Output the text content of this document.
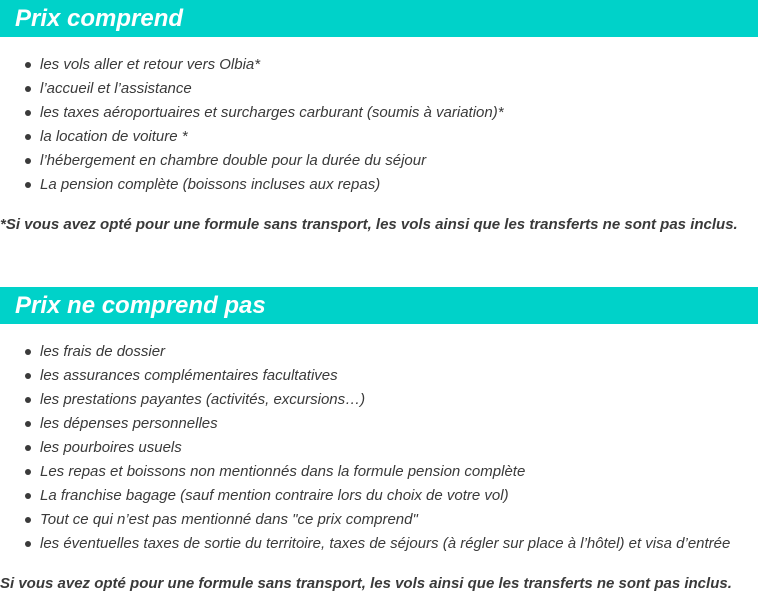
Prix comprend
les vols aller et retour vers Olbia*
l’accueil et l’assistance
les taxes aéroportuaires et surcharges carburant (soumis à variation)*
la location de voiture *
l’hébergement en chambre double pour la durée du séjour
La pension complète (boissons incluses aux repas)
*Si vous avez opté pour une formule sans transport, les vols ainsi que les transferts ne sont pas inclus.
Prix ne comprend pas
les frais de dossier
les assurances complémentaires facultatives
les prestations payantes (activités, excursions…)
les dépenses personnelles
les pourboires usuels
Les repas et boissons non mentionnés dans la formule pension complète
La franchise bagage (sauf mention contraire lors du choix de votre vol)
Tout ce qui n’est pas mentionné dans "ce prix comprend"
les éventuelles taxes de sortie du territoire, taxes de séjours (à régler sur place à l’hôtel) et visa d’entrée
Si vous avez opté pour une formule sans transport, les vols ainsi que les transferts ne sont pas inclus.
